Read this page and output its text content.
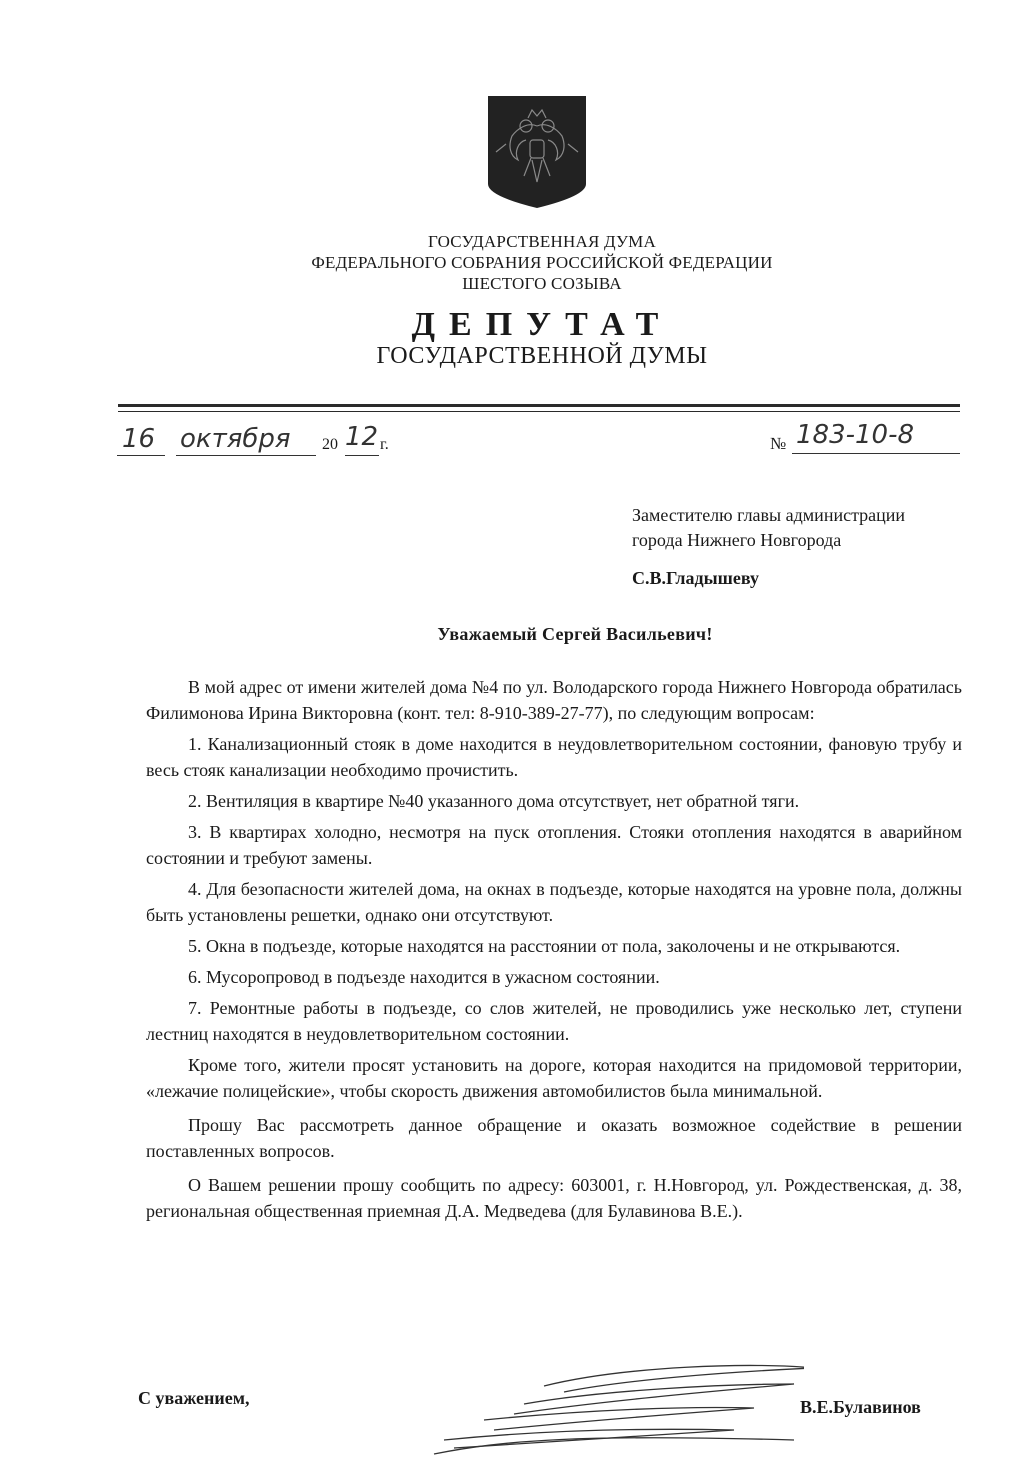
ГОСУДАРСТВЕННАЯ ДУМА
ФЕДЕРАЛЬНОГО СОБРАНИЯ РОССИЙСКОЙ ФЕДЕРАЦИИ
ШЕСТОГО СОЗЫВА
ДЕПУТАТ
ГОСУДАРСТВЕННОЙ ДУМЫ
16 октября 20 12 г.	№ 183-10-8
Заместителю главы администрации
города Нижнего Новгорода
С.В.Гладышеву
Уважаемый Сергей Васильевич!

В мой адрес от имени жителей дома №4 по ул. Володарского города Нижнего Новгорода обратилась Филимонова Ирина Викторовна (конт. тел: 8-910-389-27-77), по следующим вопросам:

1. Канализационный стояк в доме находится в неудовлетворительном состоянии, фановую трубу и весь стояк канализации необходимо прочистить.

2. Вентиляция в квартире №40 указанного дома отсутствует, нет обратной тяги.

3. В квартирах холодно, несмотря на пуск отопления. Стояки отопления находятся в аварийном состоянии и требуют замены.

4. Для безопасности жителей дома, на окнах в подъезде, которые находятся на уровне пола, должны быть установлены решетки, однако они отсутствуют.

5. Окна в подъезде, которые находятся на расстоянии от пола, заколочены и не открываются.

6. Мусоропровод в подъезде находится в ужасном состоянии.

7. Ремонтные работы в подъезде, со слов жителей, не проводились уже несколько лет, ступени лестниц находятся в неудовлетворительном состоянии.

Кроме того, жители просят установить на дороге, которая находится на придомовой территории, «лежачие полицейские», чтобы скорость движения автомобилистов была минимальной.

Прошу Вас рассмотреть данное обращение и оказать возможное содействие в решении поставленных вопросов.

О Вашем решении прошу сообщить по адресу: 603001, г. Н.Новгород, ул. Рождественская, д. 38, региональная общественная приемная Д.А. Медведева (для Булавинова В.Е.).

С уважением,	В.Е.Булавинов
